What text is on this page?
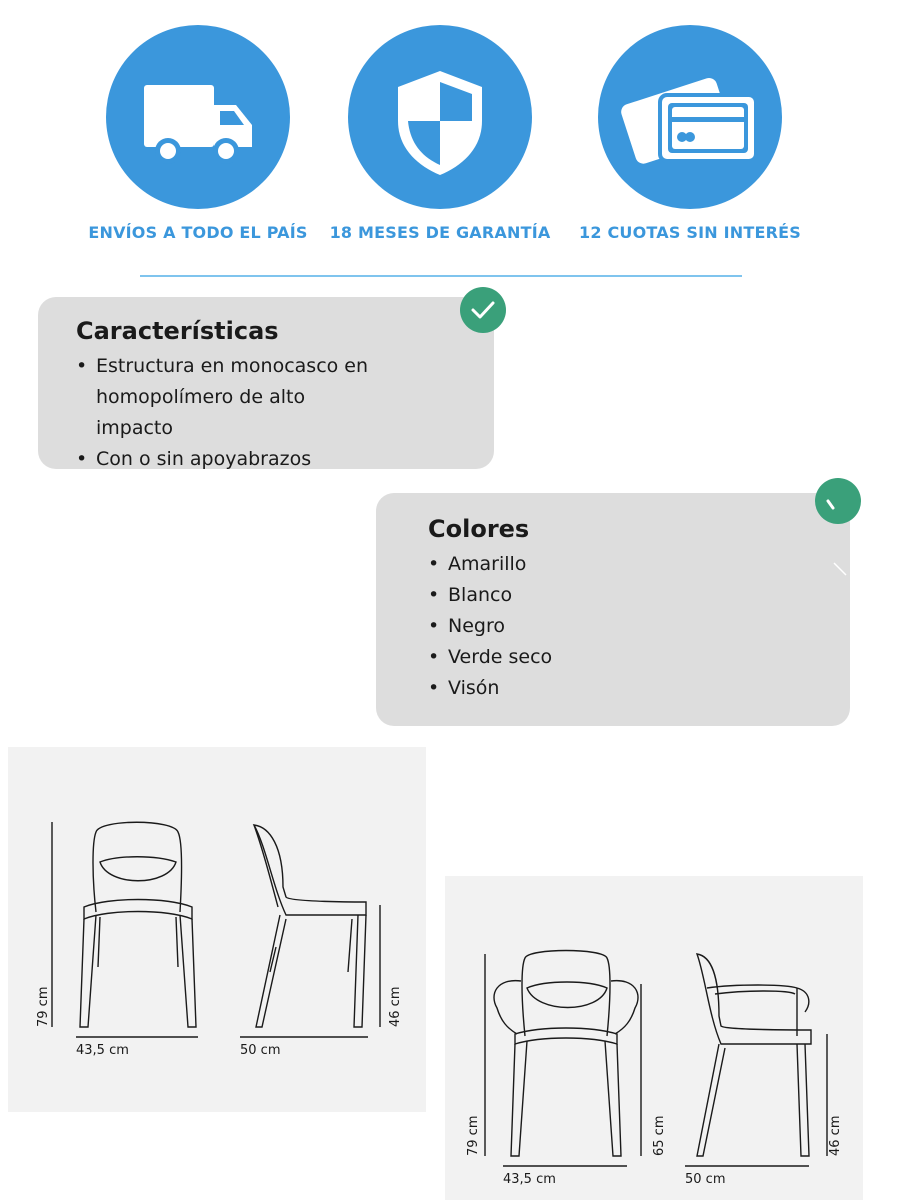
ENVÍOS A TODO EL PAÍS	18 MESES DE GARANTÍA	12 CUOTAS SIN INTERÉS
Características
• Estructura en monocasco en homopolímero de alto impacto
• Con o sin apoyabrazos
Colores
• Amarillo
• Blanco
• Negro
• Verde seco
• Visón
79 cm
43,5 cm	50 cm
46 cm
79 cm	65 cm
43,5 cm	50 cm
46 cm
